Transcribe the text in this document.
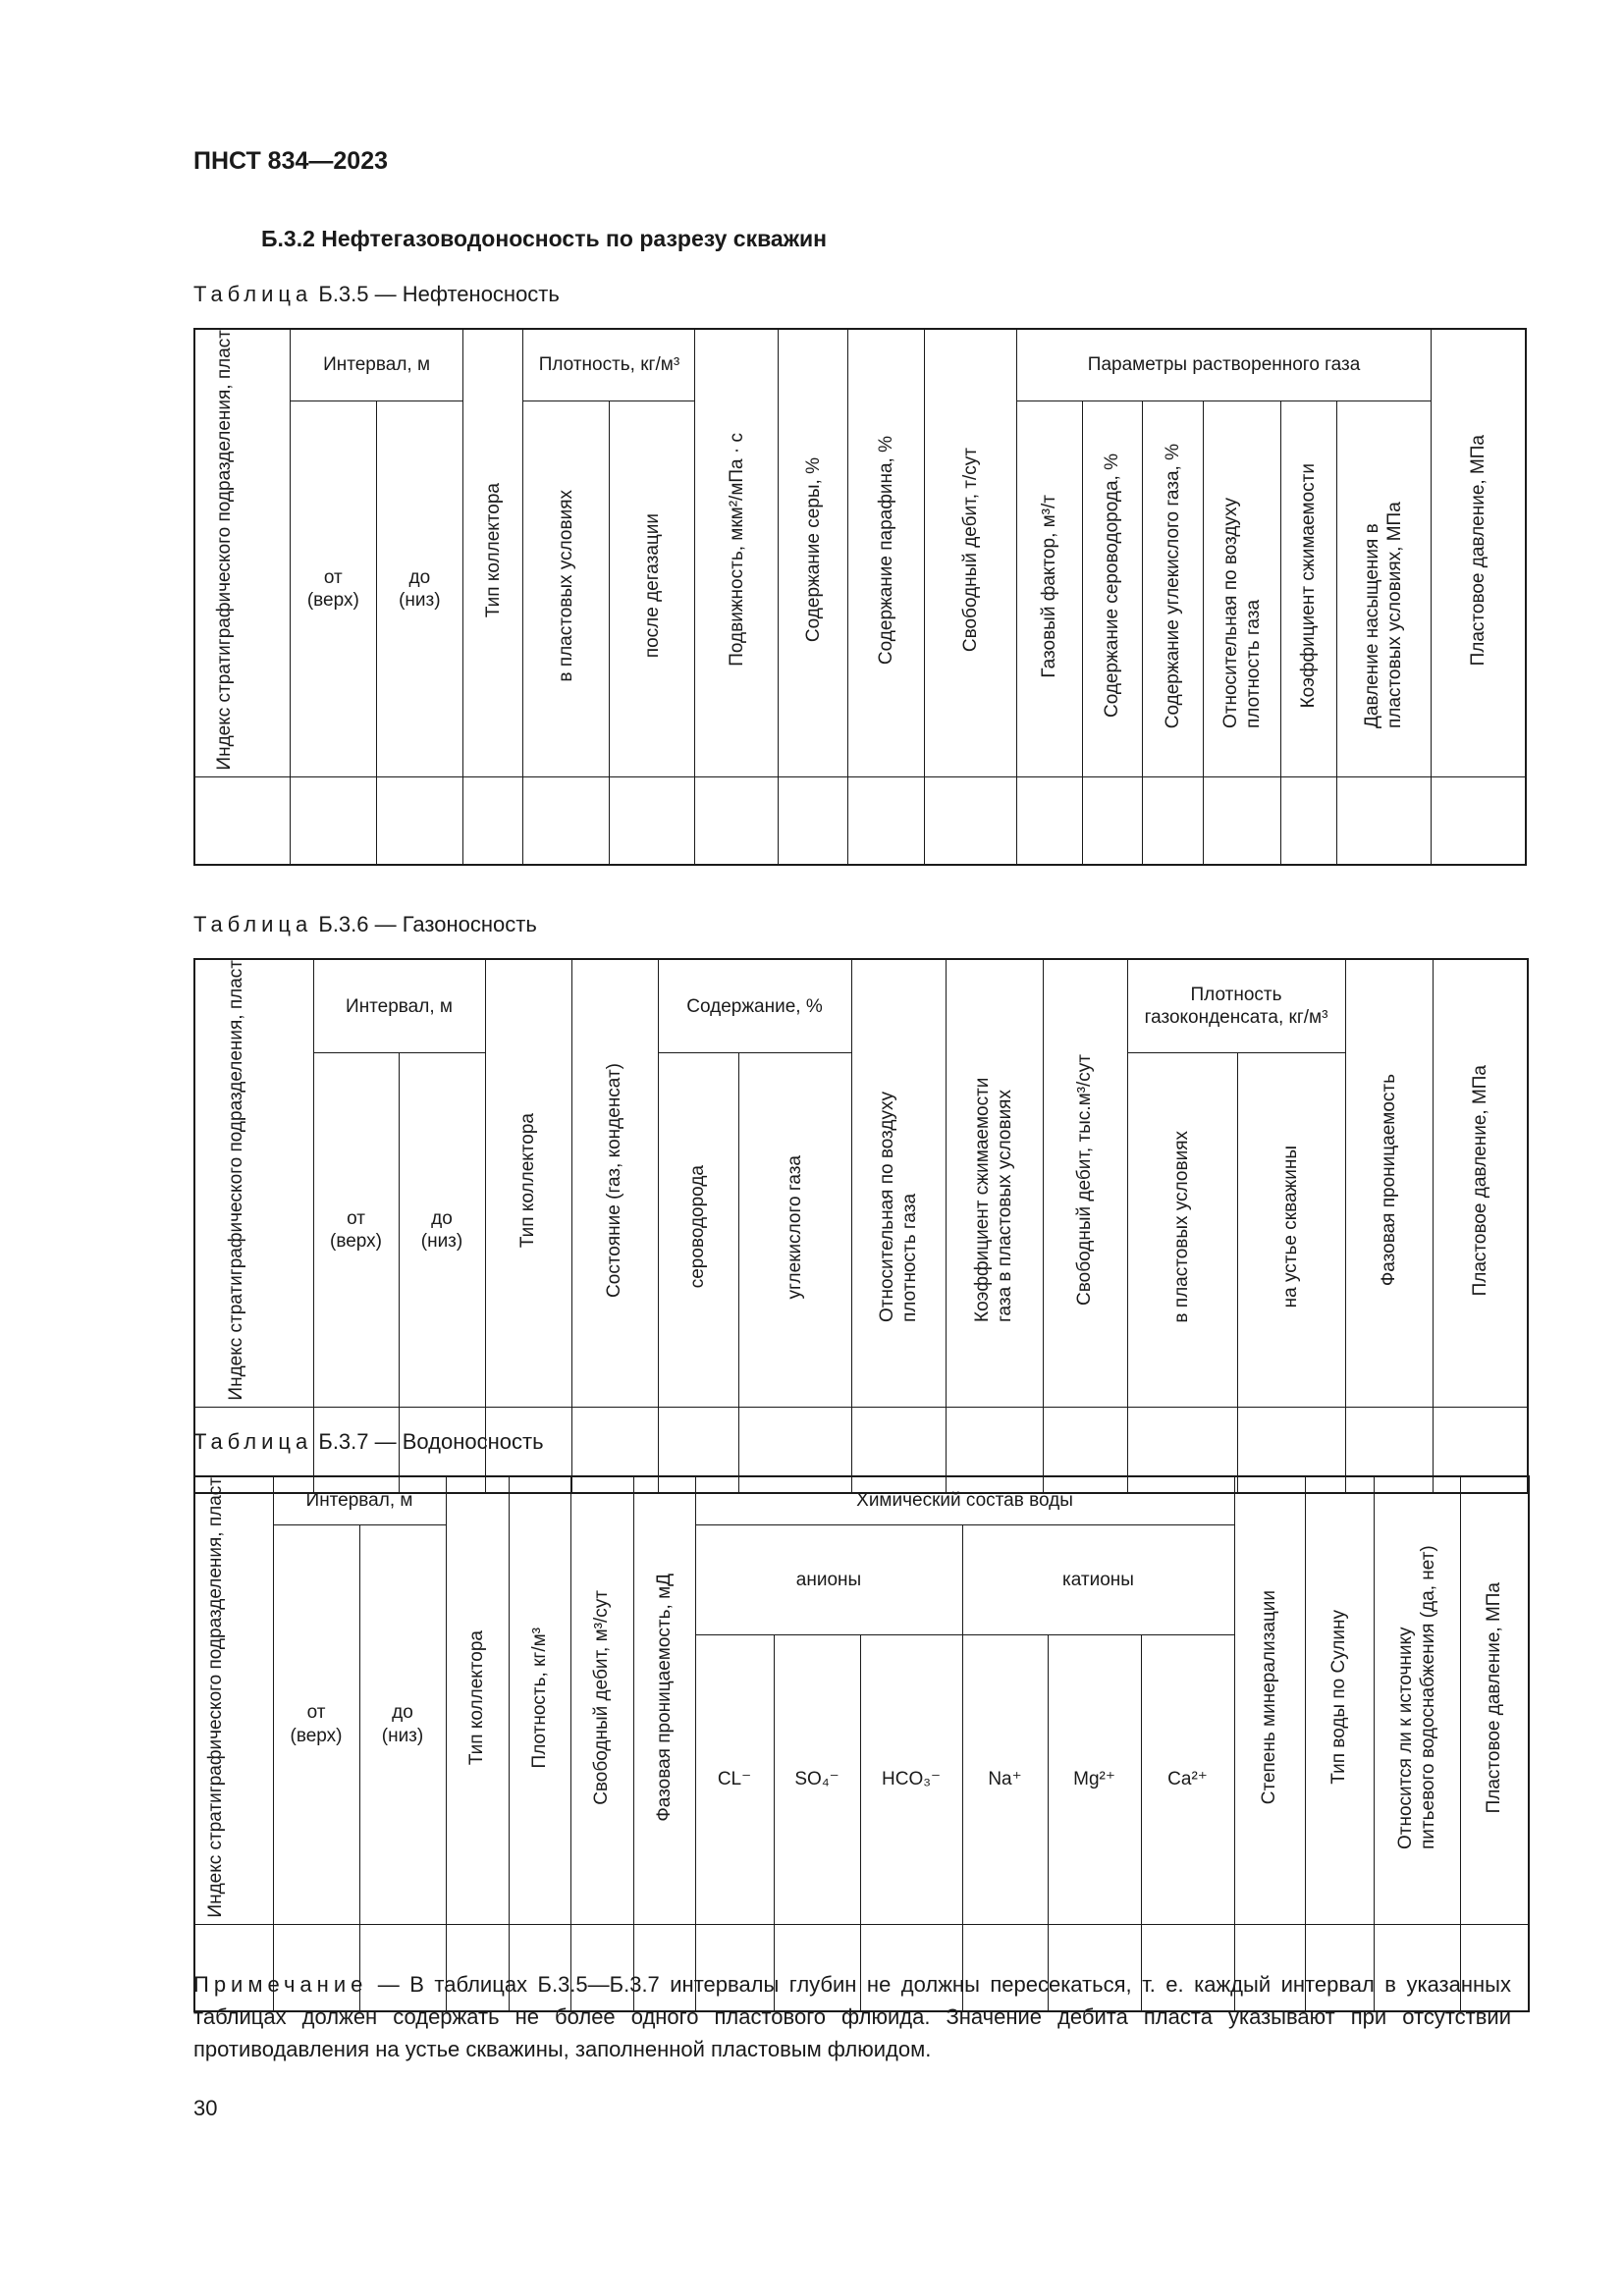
ПНСТ 834—2023
Б.3.2 Нефтегазоводоносность по разрезу скважин
Таблица Б.3.5 — Нефтеносность
Индекс стратиграфического подразделения, пласт	Интервал, м		Тип коллектора	Плотность, кг/м³		Подвижность, мкм²/мПа · с	Содержание серы, %	Содержание парафина, %	Свободный дебит, т/сут	Параметры растворенного газа						Пластовое давление, МПа
	от (верх)	до (низ)		в пластовых условиях	после дегазации					Газовый фактор, м³/т	Содержание сероводорода, %	Содержание углекислого газа, %	Относительная по воздуху плотность газа	Коэффициент сжимаемости	Давление насыщения в пластовых условиях, МПа	

Таблица Б.3.6 — Газоносность
Индекс стратиграфического подразделения, пласт	Интервал, м		Тип коллектора	Состояние (газ, конденсат)	Содержание, %		Относительная по воздуху плотность газа	Коэффициент сжимаемости газа в пластовых условиях	Свободный дебит, тыс.м³/сут	Плотность газоконденсата, кг/м³		Фазовая проницаемость	Пластовое давление, МПа
	от (верх)	до (низ)			сероводорода	углекислого газа				в пластовых условиях	на устье скважины		

Таблица Б.3.7 — Водоносность
Индекс стратиграфического подразделения, пласт	Интервал, м		Тип коллектора	Плотность, кг/м³	Свободный дебит, м³/сут	Фазовая проницаемость, мД	Химический состав воды						Степень минерализации	Тип воды по Сулину	Относится ли к источнику питьевого водоснабжения (да, нет)	Пластовое давление, МПа
	от (верх)	до (низ)					анионы			катионы						
							CL⁻	SO₄⁻	HCO₃⁻	Na⁺	Mg²⁺	Ca²⁺				

Примечание — В таблицах Б.3.5—Б.3.7 интервалы глубин не должны пересекаться, т. е. каждый интервал в указанных таблицах должен содержать не более одного пластового флюида. Значение дебита пласта указывают при отсутствии противодавления на устье скважины, заполненной пластовым флюидом.
30
